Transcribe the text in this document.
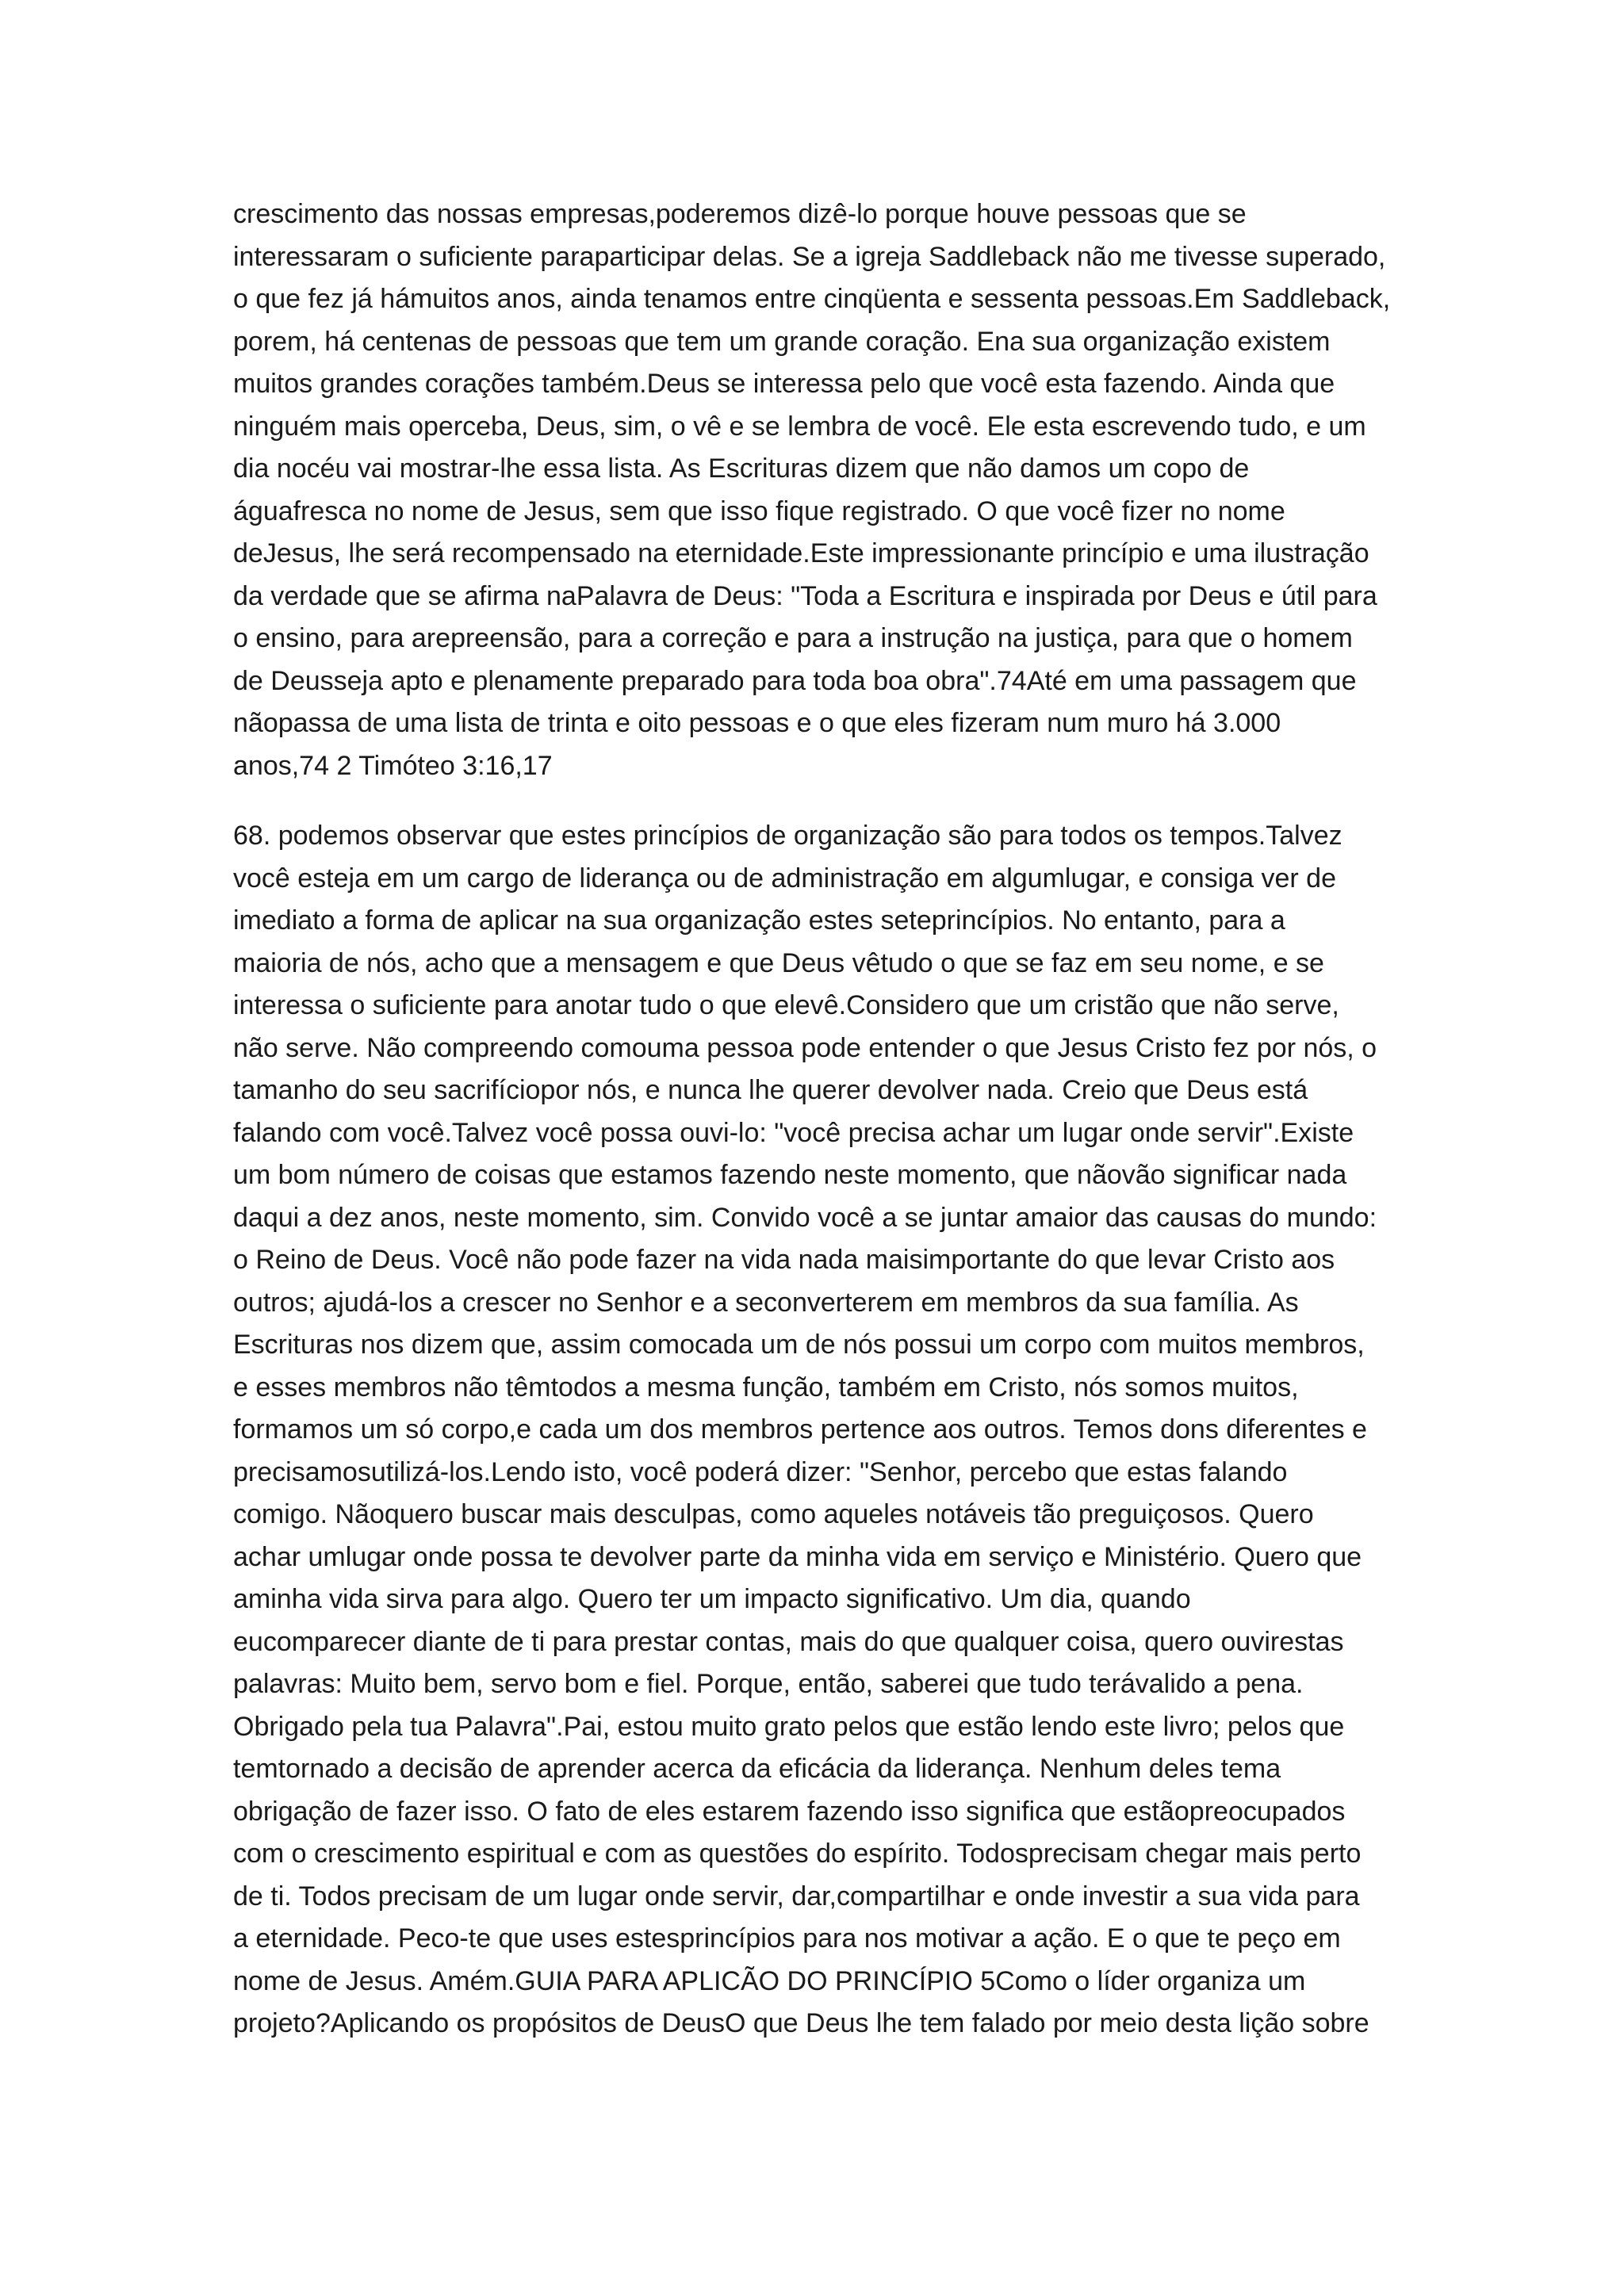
crescimento das nossas empresas,poderemos dizê-lo porque houve pessoas que se
interessaram o suficiente paraparticipar delas. Se a igreja Saddleback não me tivesse superado,
o que fez já hámuitos anos, ainda tenamos entre cinqüenta e sessenta pessoas.Em Saddleback,
porem, há centenas de pessoas que tem um grande coração. Ena sua organização existem
muitos grandes corações também.Deus se interessa pelo que você esta fazendo. Ainda que
ninguém mais operceba, Deus, sim, o vê e se lembra de você. Ele esta escrevendo tudo, e um
dia nocéu vai mostrar-lhe essa lista. As Escrituras dizem que não damos um copo de
águafresca no nome de Jesus, sem que isso fique registrado. O que você fizer no nome
deJesus, lhe será recompensado na eternidade.Este impressionante princípio e uma ilustração
da verdade que se afirma naPalavra de Deus: "Toda a Escritura e inspirada por Deus e útil para
o ensino, para arepreensão, para a correção e para a instrução na justiça, para que o homem
de Deusseja apto e plenamente preparado para toda boa obra".74Até em uma passagem que
nãopassa de uma lista de trinta e oito pessoas e o que eles fizeram num muro há 3.000
anos,74 2 Timóteo 3:16,17

68. podemos observar que estes princípios de organização são para todos os tempos.Talvez
você esteja em um cargo de liderança ou de administração em algumlugar, e consiga ver de
imediato a forma de aplicar na sua organização estes seteprincípios. No entanto, para a
maioria de nós, acho que a mensagem e que Deus vêtudo o que se faz em seu nome, e se
interessa o suficiente para anotar tudo o que elevê.Considero que um cristão que não serve,
não serve. Não compreendo comouma pessoa pode entender o que Jesus Cristo fez por nós, o
tamanho do seu sacrifíciopor nós, e nunca lhe querer devolver nada. Creio que Deus está
falando com você.Talvez você possa ouvi-lo: "você precisa achar um lugar onde servir".Existe
um bom número de coisas que estamos fazendo neste momento, que nãovão significar nada
daqui a dez anos, neste momento, sim. Convido você a se juntar amaior das causas do mundo:
o Reino de Deus. Você não pode fazer na vida nada maisimportante do que levar Cristo aos
outros; ajudá-los a crescer no Senhor e a seconverterem em membros da sua família. As
Escrituras nos dizem que, assim comocada um de nós possui um corpo com muitos membros,
e esses membros não têmtodos a mesma função, também em Cristo, nós somos muitos,
formamos um só corpo,e cada um dos membros pertence aos outros. Temos dons diferentes e
precisamosutilizá-los.Lendo isto, você poderá dizer: "Senhor, percebo que estas falando
comigo. Nãoquero buscar mais desculpas, como aqueles notáveis tão preguiçosos. Quero
achar umlugar onde possa te devolver parte da minha vida em serviço e Ministério. Quero que
aminha vida sirva para algo. Quero ter um impacto significativo. Um dia, quando
eucomparecer diante de ti para prestar contas, mais do que qualquer coisa, quero ouvirestas
palavras: Muito bem, servo bom e fiel. Porque, então, saberei que tudo terávalido a pena.
Obrigado pela tua Palavra".Pai, estou muito grato pelos que estão lendo este livro; pelos que
temtornado a decisão de aprender acerca da eficácia da liderança. Nenhum deles tema
obrigação de fazer isso. O fato de eles estarem fazendo isso significa que estãopreocupados
com o crescimento espiritual e com as questões do espírito. Todosprecisam chegar mais perto
de ti. Todos precisam de um lugar onde servir, dar,compartilhar e onde investir a sua vida para
a eternidade. Peco-te que uses estesprincípios para nos motivar a ação. E o que te peço em
nome de Jesus. Amém.GUIA PARA APLICÃO DO PRINCÍPIO 5Como o líder organiza um
projeto?Aplicando os propósitos de DeusO que Deus lhe tem falado por meio desta lição sobre
